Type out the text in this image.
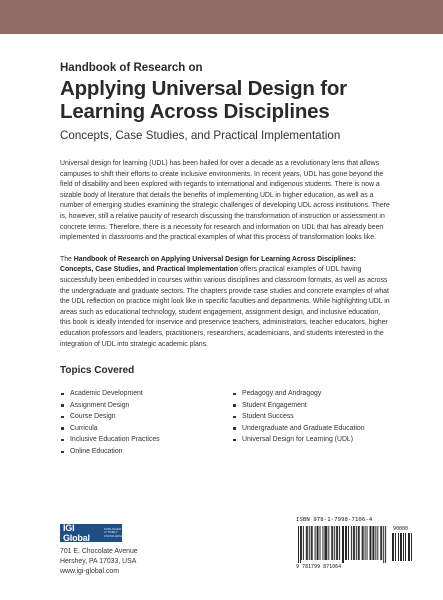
Handbook of Research on

Applying Universal Design for
Learning Across Disciplines

Concepts, Case Studies, and Practical Implementation

Universal design for learning (UDL) has been hailed for over a decade as a revolutionary lens that allows campuses to shift their efforts to create inclusive environments. In recent years, UDL has gone beyond the field of disability and been explored with regards to international and indigenous students. There is now a sizable body of literature that details the benefits of implementing UDL in higher education, as well as a number of emerging studies examining the strategic challenges of developing UDL across institutions. There is, however, still a relative paucity of research discussing the transformation of instruction or assessment in concrete terms. Therefore, there is a necessity for research and information on UDL that has already been implemented in classrooms and the practical examples of what this process of transformation looks like.

The Handbook of Research on Applying Universal Design for Learning Across Disciplines: Concepts, Case Studies, and Practical Implementation offers practical examples of UDL having successfully been embedded in courses within various disciplines and classroom formats, as well as across the undergraduate and graduate sectors. The chapters provide case studies and concrete examples of what the UDL reflection on practice might look like in specific faculties and departments. While highlighting UDL in areas such as educational technology, student engagement, assignment design, and inclusive education, this book is ideally intended for inservice and preservice teachers, administrators, teacher educators, higher education professors and leaders, practitioners, researchers, academicians, and students interested in the integration of UDL into strategic academic plans.

Topics Covered
Academic Development
Assignment Design
Course Design
Curricula
Inclusive Education Practices
Online Education
Pedagogy and Andragogy
Student Engagement
Student Success
Undergraduate and Graduate Education
Universal Design for Learning (UDL)
IGI Global
PUBLISHER of TIMELY KNOWLEDGE
701 E. Chocolate Avenue
Hershey, PA 17033, USA
www.igi-global.com
ISBN 978-1-7998-7106-4
90000
9 781799 871064
